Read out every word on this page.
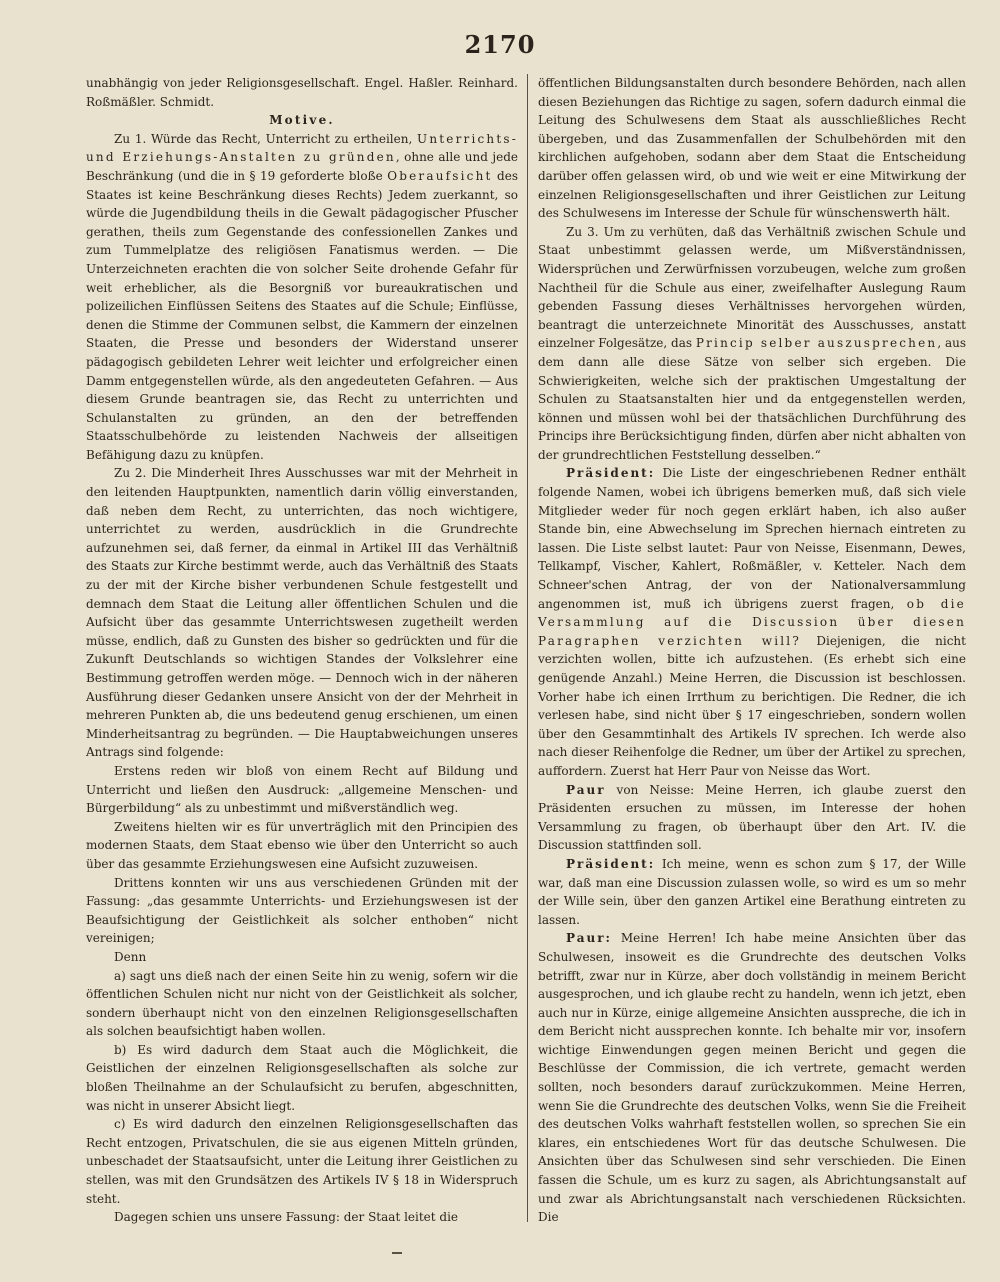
2170

unabhängig von jeder Religionsgesellschaft. Engel. Haßler. Reinhard. Roßmäßler. Schmidt.

Motive.

Zu 1. Würde das Recht, Unterricht zu ertheilen, Unterrichts- und Erziehungs-Anstalten zu gründen, ohne alle und jede Beschränkung (und die in § 19 geforderte bloße Oberaufsicht des Staates ist keine Beschränkung dieses Rechts) Jedem zuerkannt, so würde die Jugendbildung theils in die Gewalt pädagogischer Pfuscher gerathen, theils zum Gegenstande des confessionellen Zankes und zum Tummelplatze des religiösen Fanatismus werden. — Die Unterzeichneten erachten die von solcher Seite drohende Gefahr für weit erheblicher, als die Besorgniß vor bureaukratischen und polizeilichen Einflüssen Seitens des Staates auf die Schule; Einflüsse, denen die Stimme der Communen selbst, die Kammern der einzelnen Staaten, die Presse und besonders der Widerstand unserer pädagogisch gebildeten Lehrer weit leichter und erfolgreicher einen Damm entgegenstellen würde, als den angedeuteten Gefahren. — Aus diesem Grunde beantragen sie, das Recht zu unterrichten und Schulanstalten zu gründen, an den der betreffenden Staatsschulbehörde zu leistenden Nachweis der allseitigen Befähigung dazu zu knüpfen.

Zu 2. Die Minderheit Ihres Ausschusses war mit der Mehrheit in den leitenden Hauptpunkten, namentlich darin völlig einverstanden, daß neben dem Recht, zu unterrichten, das noch wichtigere, unterrichtet zu werden, ausdrücklich in die Grundrechte aufzunehmen sei, daß ferner, da einmal in Artikel III das Verhältniß des Staats zur Kirche bestimmt werde, auch das Verhältniß des Staats zu der mit der Kirche bisher verbundenen Schule festgestellt und demnach dem Staat die Leitung aller öffentlichen Schulen und die Aufsicht über das gesammte Unterrichtswesen zugetheilt werden müsse, endlich, daß zu Gunsten des bisher so gedrückten und für die Zukunft Deutschlands so wichtigen Standes der Volkslehrer eine Bestimmung getroffen werden möge. — Dennoch wich in der näheren Ausführung dieser Gedanken unsere Ansicht von der der Mehrheit in mehreren Punkten ab, die uns bedeutend genug erschienen, um einen Minderheitsantrag zu begründen. — Die Hauptabweichungen unseres Antrags sind folgende:

Erstens reden wir bloß von einem Recht auf Bildung und Unterricht und ließen den Ausdruck: „allgemeine Menschen- und Bürgerbildung“ als zu unbestimmt und mißverständlich weg.

Zweitens hielten wir es für unverträglich mit den Principien des modernen Staats, dem Staat ebenso wie über den Unterricht so auch über das gesammte Erziehungswesen eine Aufsicht zuzuweisen.

Drittens konnten wir uns aus verschiedenen Gründen mit der Fassung: „das gesammte Unterrichts- und Erziehungswesen ist der Beaufsichtigung der Geistlichkeit als solcher enthoben“ nicht vereinigen;

Denn

a) sagt uns dieß nach der einen Seite hin zu wenig, sofern wir die öffentlichen Schulen nicht nur nicht von der Geistlichkeit als solcher, sondern überhaupt nicht von den einzelnen Religionsgesellschaften als solchen beaufsichtigt haben wollen.

b) Es wird dadurch dem Staat auch die Möglichkeit, die Geistlichen der einzelnen Religionsgesellschaften als solche zur bloßen Theilnahme an der Schulaufsicht zu berufen, abgeschnitten, was nicht in unserer Absicht liegt.

c) Es wird dadurch den einzelnen Religionsgesellschaften das Recht entzogen, Privatschulen, die sie aus eigenen Mitteln gründen, unbeschadet der Staatsaufsicht, unter die Leitung ihrer Geistlichen zu stellen, was mit den Grundsätzen des Artikels IV § 18 in Widerspruch steht.

Dagegen schien uns unsere Fassung: der Staat leitet die

öffentlichen Bildungsanstalten durch besondere Behörden, nach allen diesen Beziehungen das Richtige zu sagen, sofern dadurch einmal die Leitung des Schulwesens dem Staat als ausschließliches Recht übergeben, und das Zusammenfallen der Schulbehörden mit den kirchlichen aufgehoben, sodann aber dem Staat die Entscheidung darüber offen gelassen wird, ob und wie weit er eine Mitwirkung der einzelnen Religionsgesellschaften und ihrer Geistlichen zur Leitung des Schulwesens im Interesse der Schule für wünschenswerth hält.

Zu 3. Um zu verhüten, daß das Verhältniß zwischen Schule und Staat unbestimmt gelassen werde, um Mißverständnissen, Widersprüchen und Zerwürfnissen vorzubeugen, welche zum großen Nachtheil für die Schule aus einer, zweifelhafter Auslegung Raum gebenden Fassung dieses Verhältnisses hervorgehen würden, beantragt die unterzeichnete Minorität des Ausschusses, anstatt einzelner Folgesätze, das Princip selber auszusprechen, aus dem dann alle diese Sätze von selber sich ergeben. Die Schwierigkeiten, welche sich der praktischen Umgestaltung der Schulen zu Staatsanstalten hier und da entgegenstellen werden, können und müssen wohl bei der thatsächlichen Durchführung des Princips ihre Berücksichtigung finden, dürfen aber nicht abhalten von der grundrechtlichen Feststellung desselben.“

Präsident: Die Liste der eingeschriebenen Redner enthält folgende Namen, wobei ich übrigens bemerken muß, daß sich viele Mitglieder weder für noch gegen erklärt haben, ich also außer Stande bin, eine Abwechselung im Sprechen hiernach eintreten zu lassen. Die Liste selbst lautet: Paur von Neisse, Eisenmann, Dewes, Tellkampf, Vischer, Kahlert, Roßmäßler, v. Ketteler. Nach dem Schneer'schen Antrag, der von der Nationalversammlung angenommen ist, muß ich übrigens zuerst fragen, ob die Versammlung auf die Discussion über diesen Paragraphen verzichten will? Diejenigen, die nicht verzichten wollen, bitte ich aufzustehen. (Es erhebt sich eine genügende Anzahl.) Meine Herren, die Discussion ist beschlossen. Vorher habe ich einen Irrthum zu berichtigen. Die Redner, die ich verlesen habe, sind nicht über § 17 eingeschrieben, sondern wollen über den Gesammtinhalt des Artikels IV sprechen. Ich werde also nach dieser Reihenfolge die Redner, um über der Artikel zu sprechen, auffordern. Zuerst hat Herr Paur von Neisse das Wort.

Paur von Neisse: Meine Herren, ich glaube zuerst den Präsidenten ersuchen zu müssen, im Interesse der hohen Versammlung zu fragen, ob überhaupt über den Art. IV. die Discussion stattfinden soll.

Präsident: Ich meine, wenn es schon zum § 17, der Wille war, daß man eine Discussion zulassen wolle, so wird es um so mehr der Wille sein, über den ganzen Artikel eine Berathung eintreten zu lassen.

Paur: Meine Herren! Ich habe meine Ansichten über das Schulwesen, insoweit es die Grundrechte des deutschen Volks betrifft, zwar nur in Kürze, aber doch vollständig in meinem Bericht ausgesprochen, und ich glaube recht zu handeln, wenn ich jetzt, eben auch nur in Kürze, einige allgemeine Ansichten ausspreche, die ich in dem Bericht nicht aussprechen konnte. Ich behalte mir vor, insofern wichtige Einwendungen gegen meinen Bericht und gegen die Beschlüsse der Commission, die ich vertrete, gemacht werden sollten, noch besonders darauf zurückzukommen. Meine Herren, wenn Sie die Grundrechte des deutschen Volks, wenn Sie die Freiheit des deutschen Volks wahrhaft feststellen wollen, so sprechen Sie ein klares, ein entschiedenes Wort für das deutsche Schulwesen. Die Ansichten über das Schulwesen sind sehr verschieden. Die Einen fassen die Schule, um es kurz zu sagen, als Abrichtungsanstalt auf und zwar als Abrichtungsanstalt nach verschiedenen Rücksichten. Die
